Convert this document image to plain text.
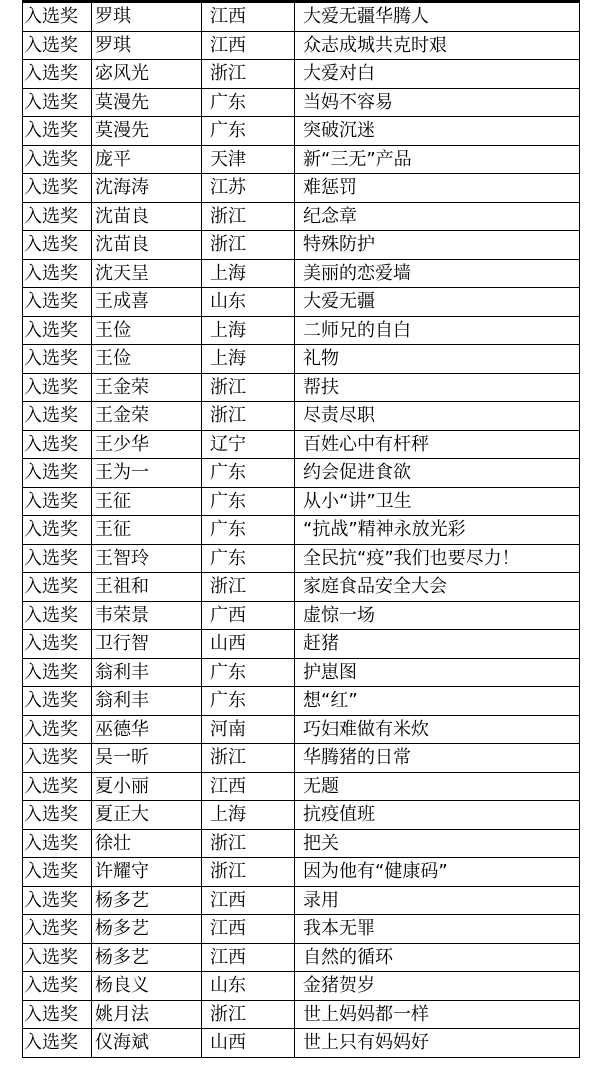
入选奖	罗琪	江西	大爱无疆华腾人
入选奖	罗琪	江西	众志成城共克时艰
入选奖	宓风光	浙江	大爱对白
入选奖	莫漫先	广东	当妈不容易
入选奖	莫漫先	广东	突破沉迷
入选奖	庞平	天津	新“三无”产品
入选奖	沈海涛	江苏	难惩罚
入选奖	沈苗良	浙江	纪念章
入选奖	沈苗良	浙江	特殊防护
入选奖	沈天呈	上海	美丽的恋爱墙
入选奖	王成喜	山东	大爱无疆
入选奖	王俭	上海	二师兄的自白
入选奖	王俭	上海	礼物
入选奖	王金荣	浙江	帮扶
入选奖	王金荣	浙江	尽责尽职
入选奖	王少华	辽宁	百姓心中有杆秤
入选奖	王为一	广东	约会促进食欲
入选奖	王征	广东	从小“讲”卫生
入选奖	王征	广东	“抗战”精神永放光彩
入选奖	王智玲	广东	全民抗“疫”我们也要尽力！
入选奖	王祖和	浙江	家庭食品安全大会
入选奖	韦荣景	广西	虚惊一场
入选奖	卫行智	山西	赶猪
入选奖	翁利丰	广东	护崽图
入选奖	翁利丰	广东	想“红”
入选奖	巫德华	河南	巧妇难做有米炊
入选奖	吴一昕	浙江	华腾猪的日常
入选奖	夏小丽	江西	无题
入选奖	夏正大	上海	抗疫值班
入选奖	徐壮	浙江	把关
入选奖	许耀守	浙江	因为他有“健康码”
入选奖	杨多艺	江西	录用
入选奖	杨多艺	江西	我本无罪
入选奖	杨多艺	江西	自然的循环
入选奖	杨良义	山东	金猪贺岁
入选奖	姚月法	浙江	世上妈妈都一样
入选奖	仪海斌	山西	世上只有妈妈好
